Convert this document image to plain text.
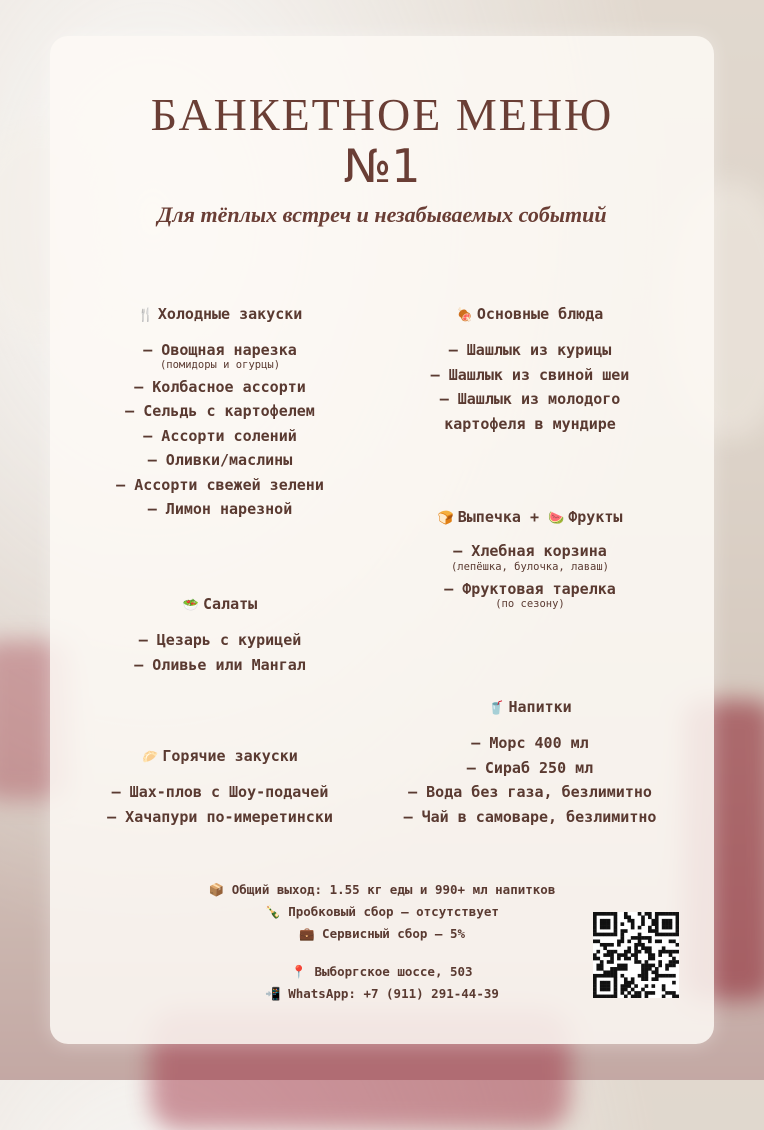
БАНКЕТНОЕ МЕНЮ
№1
Для тёплых встреч и незабываемых событий
🍴 Холодные закуски
– Овощная нарезка
(помидоры и огурцы)
– Колбасное ассорти
– Сельдь с картофелем
– Ассорти солений
– Оливки/маслины
– Ассорти свежей зелени
– Лимон нарезной
🍖 Основные блюда
– Шашлык из курицы
– Шашлык из свиной шеи
– Шашлык из молодого
картофеля в мундире
🍞 Выпечка + 🍉 Фрукты
– Хлебная корзина
(лепёшка, булочка, лаваш)
– Фруктовая тарелка
(по сезону)
🥗 Салаты
– Цезарь с курицей
– Оливье или Мангал
🥤 Напитки
– Морс 400 мл
– Сираб 250 мл
– Вода без газа, безлимитно
– Чай в самоваре, безлимитно
🥟 Горячие закуски
– Шах-плов с Шоу-подачей
– Хачапури по-имеретински
📦 Общий выход: 1.55 кг еды и 990+ мл напитков
🍾 Пробковый сбор — отсутствует
💼 Сервисный сбор — 5%
📍 Выборгское шоссе, 503
📲 WhatsApp: +7 (911) 291-44-39
